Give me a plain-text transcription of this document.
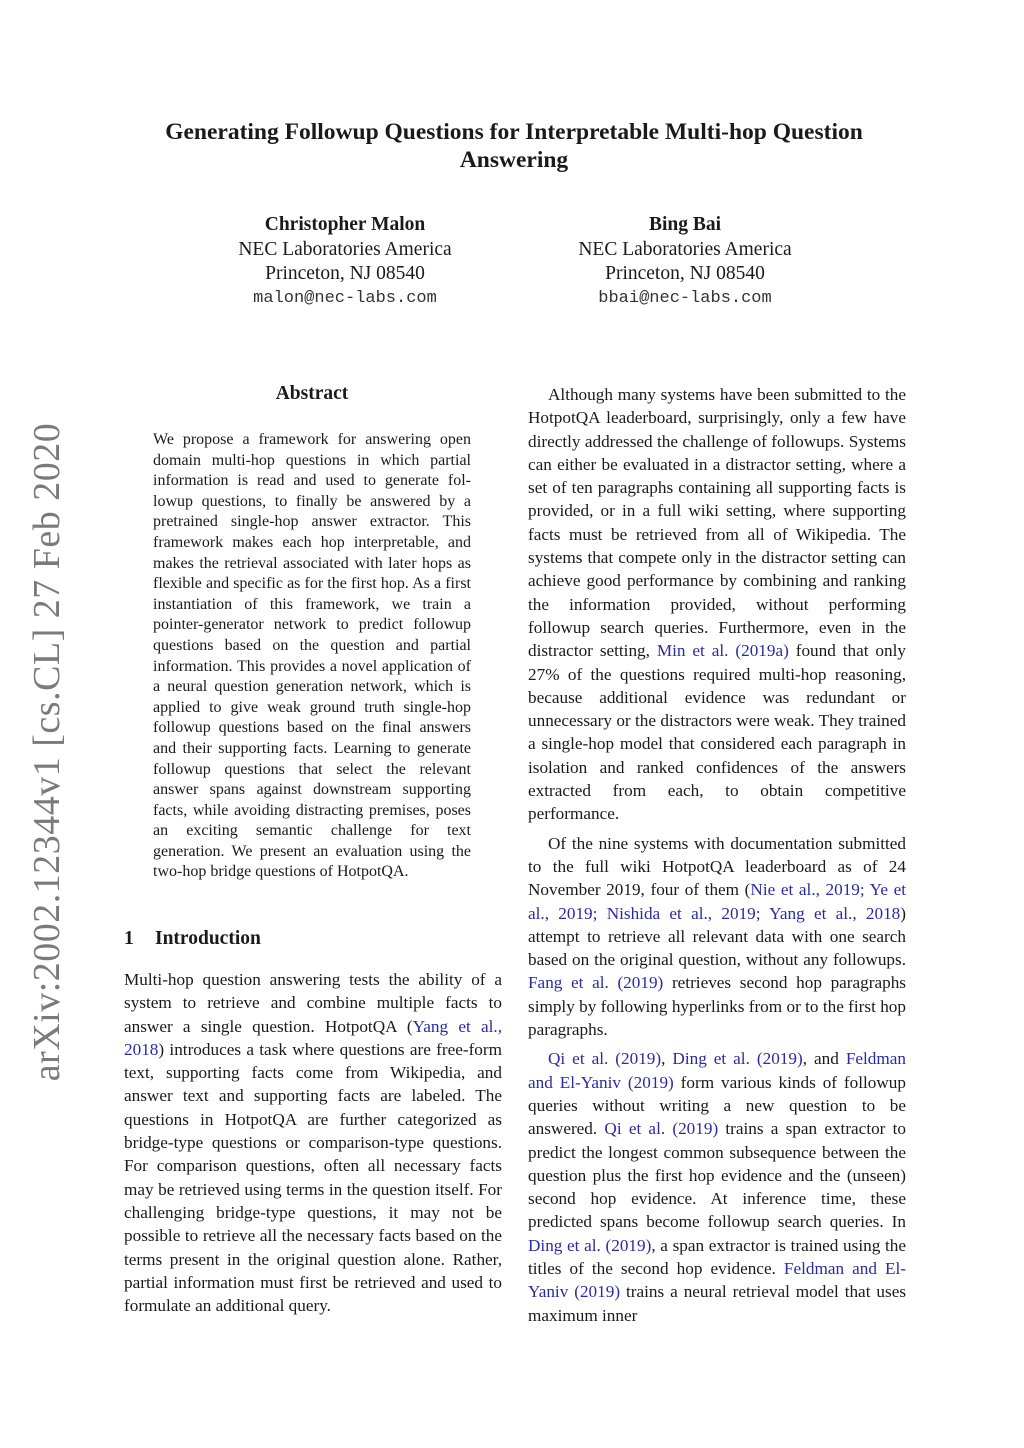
arXiv:2002.12344v1 [cs.CL] 27 Feb 2020
Generating Followup Questions for Interpretable Multi-hop Question Answering
Christopher Malon
NEC Laboratories America
Princeton, NJ 08540
malon@nec-labs.com
Bing Bai
NEC Laboratories America
Princeton, NJ 08540
bbai@nec-labs.com
Abstract
We propose a framework for answering open domain multi-hop questions in which partial information is read and used to generate followup questions, to finally be answered by a pretrained single-hop answer extractor. This framework makes each hop interpretable, and makes the retrieval associated with later hops as flexible and specific as for the first hop. As a first instantiation of this framework, we train a pointer-generator network to predict followup questions based on the question and partial information. This provides a novel application of a neural question generation network, which is applied to give weak ground truth single-hop followup questions based on the final answers and their supporting facts. Learning to generate followup questions that select the relevant answer spans against downstream supporting facts, while avoiding distracting premises, poses an exciting semantic challenge for text generation. We present an evaluation using the two-hop bridge questions of HotpotQA.
1 Introduction

Multi-hop question answering tests the ability of a system to retrieve and combine multiple facts to answer a single question. HotpotQA (Yang et al., 2018) introduces a task where questions are free-form text, supporting facts come from Wikipedia, and answer text and supporting facts are labeled. The questions in HotpotQA are further categorized as bridge-type questions or comparison-type questions. For comparison questions, often all necessary facts may be retrieved using terms in the question itself. For challenging bridge-type questions, it may not be possible to retrieve all the necessary facts based on the terms present in the original question alone. Rather, partial information must first be retrieved and used to formulate an additional query.

Although many systems have been submitted to the HotpotQA leaderboard, surprisingly, only a few have directly addressed the challenge of followups. Systems can either be evaluated in a distractor setting, where a set of ten paragraphs containing all supporting facts is provided, or in a full wiki setting, where supporting facts must be retrieved from all of Wikipedia. The systems that compete only in the distractor setting can achieve good performance by combining and ranking the information provided, without performing followup search queries. Furthermore, even in the distractor setting, Min et al. (2019a) found that only 27% of the questions required multi-hop reasoning, because additional evidence was redundant or unnecessary or the distractors were weak. They trained a single-hop model that considered each paragraph in isolation and ranked confidences of the answers extracted from each, to obtain competitive performance.

Of the nine systems with documentation submitted to the full wiki HotpotQA leaderboard as of 24 November 2019, four of them (Nie et al., 2019; Ye et al., 2019; Nishida et al., 2019; Yang et al., 2018) attempt to retrieve all relevant data with one search based on the original question, without any followups. Fang et al. (2019) retrieves second hop paragraphs simply by following hyperlinks from or to the first hop paragraphs.

Qi et al. (2019), Ding et al. (2019), and Feldman and El-Yaniv (2019) form various kinds of followup queries without writing a new question to be answered. Qi et al. (2019) trains a span extractor to predict the longest common subsequence between the question plus the first hop evidence and the (unseen) second hop evidence. At inference time, these predicted spans become followup search queries. In Ding et al. (2019), a span extractor is trained using the titles of the second hop evidence. Feldman and El-Yaniv (2019) trains a neural retrieval model that uses maximum inner
